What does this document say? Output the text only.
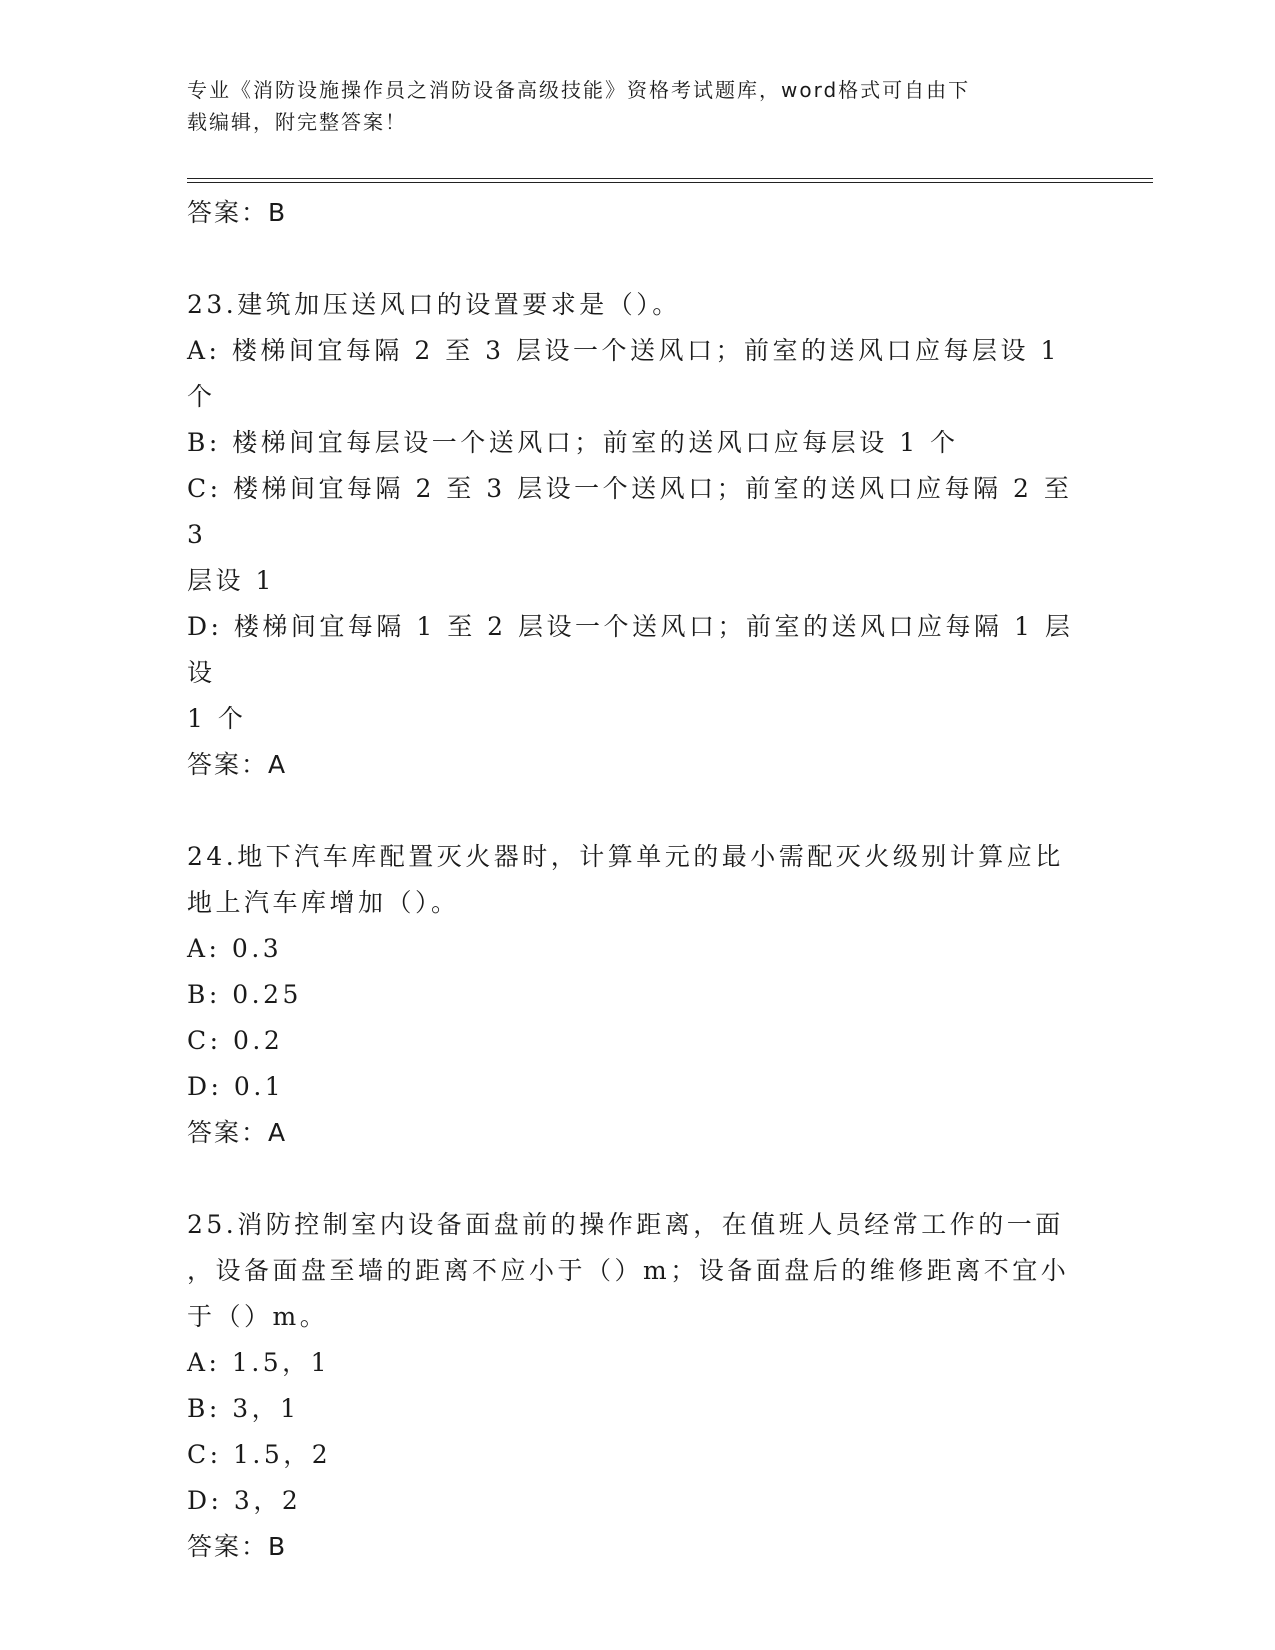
专业《消防设施操作员之消防设备高级技能》资格考试题库，word格式可自由下
载编辑，附完整答案！
答案：B
23.建筑加压送风口的设置要求是（）。
A: 楼梯间宜每隔 2 至 3 层设一个送风口；前室的送风口应每层设 1 个
B: 楼梯间宜每层设一个送风口；前室的送风口应每层设 1 个
C: 楼梯间宜每隔 2 至 3 层设一个送风口；前室的送风口应每隔 2 至 3
层设 1
D: 楼梯间宜每隔 1 至 2 层设一个送风口；前室的送风口应每隔 1 层设
1 个
答案：A
24.地下汽车库配置灭火器时，计算单元的最小需配灭火级别计算应比
地上汽车库增加（）。
A: 0.3
B: 0.25
C: 0.2
D: 0.1
答案：A
25.消防控制室内设备面盘前的操作距离，在值班人员经常工作的一面
，设备面盘至墙的距离不应小于（）m；设备面盘后的维修距离不宜小
于（）m。
A: 1.5，1
B: 3，1
C: 1.5，2
D: 3，2
答案：B
